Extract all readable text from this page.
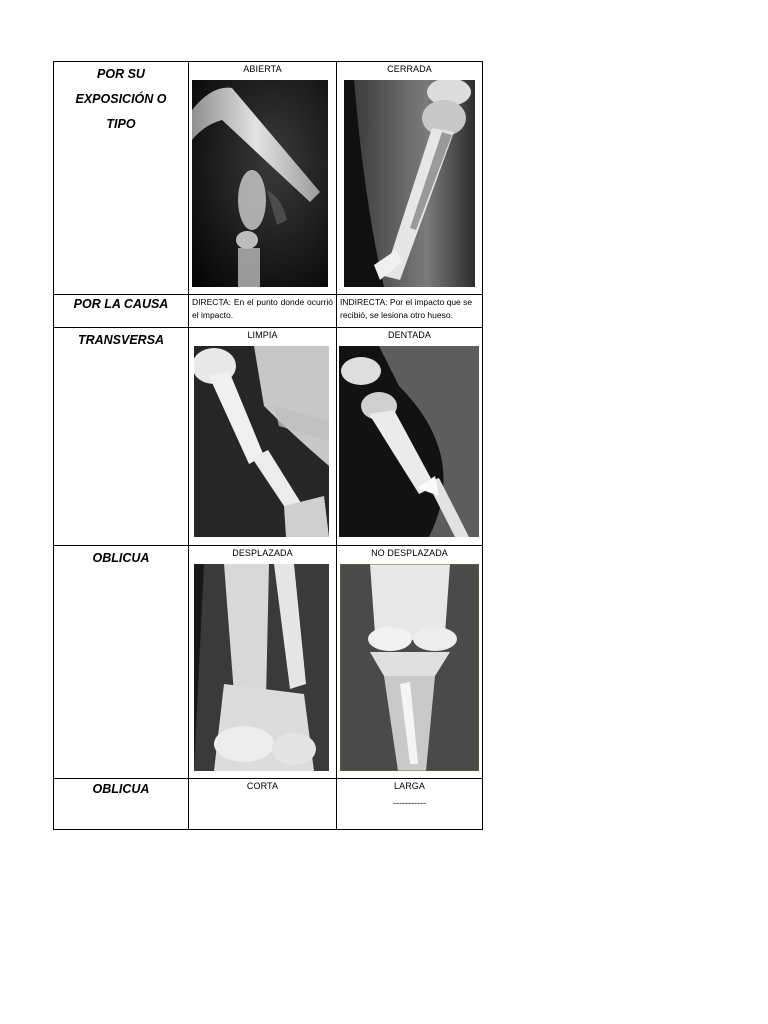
POR SU EXPOSICIÓN O TIPO	ABIERTA	CERRADA

POR LA CAUSA	DIRECTA: En el punto donde ocurrió el impacto.	INDIRECTA: Por el impacto que se recibió, se lesiona otro hueso.

TRANSVERSA	LIMPIA	DENTADA

OBLICUA	DESPLAZADA	NO DESPLAZADA

OBLICUA	CORTA	LARGA
-----------
